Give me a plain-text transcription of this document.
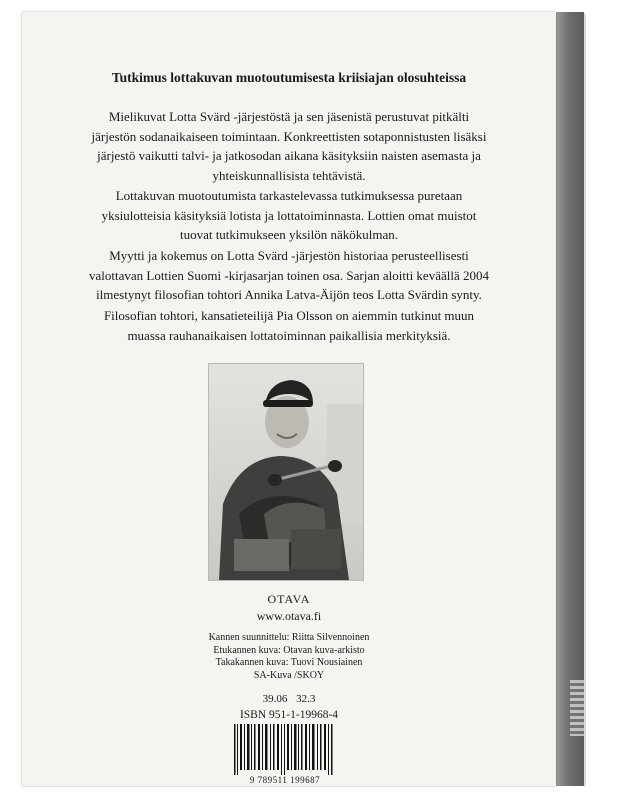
Tutkimus lottakuvan muotoutumisesta kriisiajan olosuhteissa
Mielikuvat Lotta Svärd -järjestöstä ja sen jäsenistä perustuvat pitkälti
järjestön sodanaikaiseen toimintaan. Konkreettisten sotaponnistusten lisäksi
järjestö vaikutti talvi- ja jatkosodan aikana käsityksiin naisten asemasta ja
yhteiskunnallisista tehtävistä.
Lottakuvan muotoutumista tarkastelevassa tutkimuksessa puretaan
yksiulotteisia käsityksiä lotista ja lottatoiminnasta. Lottien omat muistot
tuovat tutkimukseen yksilön näkökulman.
Myytti ja kokemus on Lotta Svärd -järjestön historiaa perusteellisesti
valottavan Lottien Suomi -kirjasarjan toinen osa. Sarjan aloitti keväällä 2004
ilmestynyt filosofian tohtori Annika Latva-Äijön teos Lotta Svärdin synty.
Filosofian tohtori, kansatieteilijä Pia Olsson on aiemmin tutkinut muun
muassa rauhanaikaisen lottatoiminnan paikallisia merkityksiä.
OTAVA
www.otava.fi
Kannen suunnittelu: Riitta Silvennoinen
Etukannen kuva: Otavan kuva-arkisto
Takakannen kuva: Tuovi Nousiainen
SA-Kuva /SKOY
39.06 32.3
ISBN 951-1-19968-4
9 789511 199687
